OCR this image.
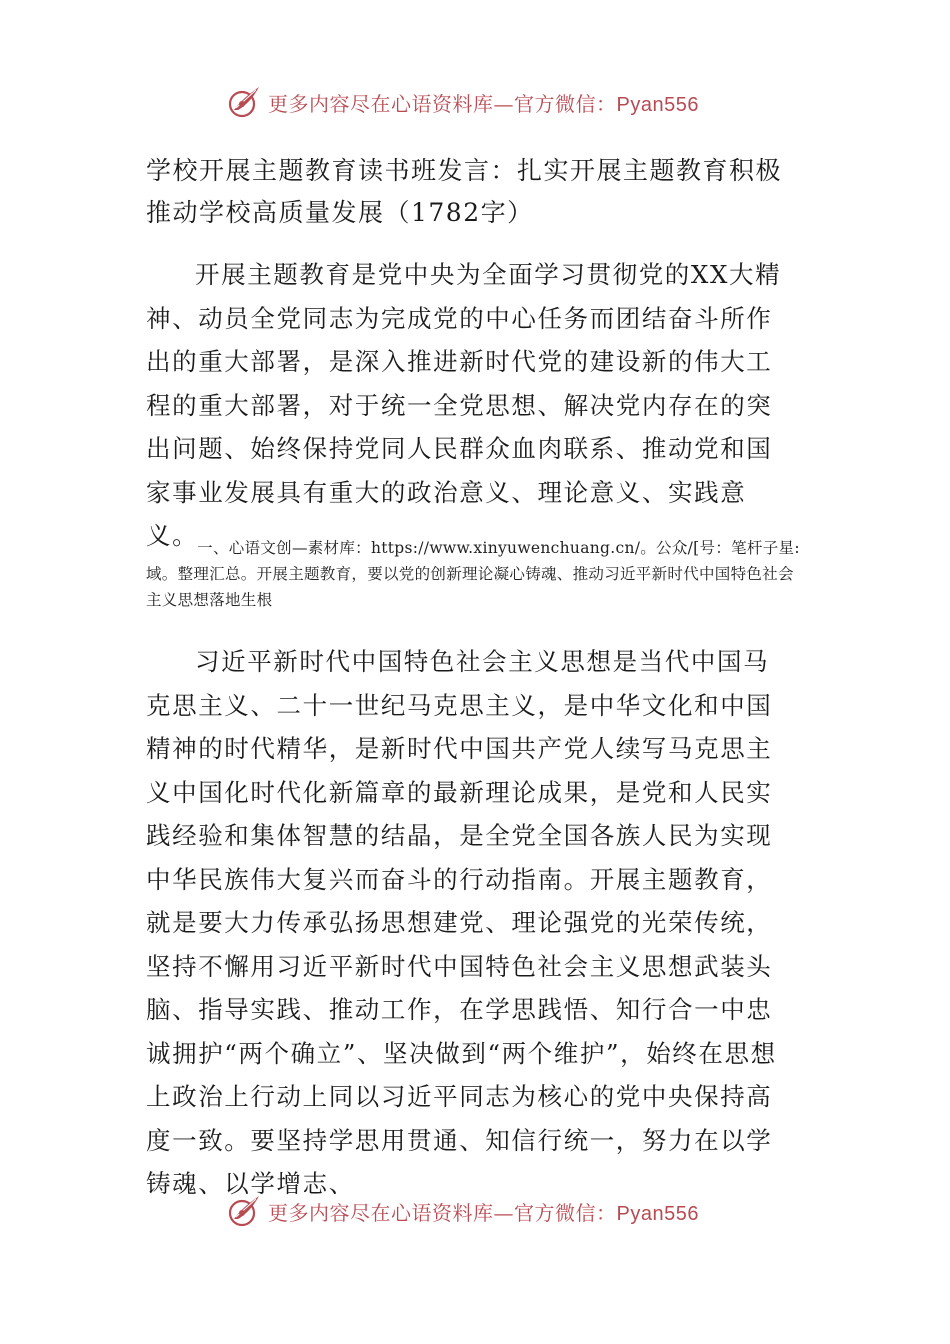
更多内容尽在心语资料库—官方微信：Pyan556
学校开展主题教育读书班发言：扎实开展主题教育积极推动学校高质量发展（1782字）

开展主题教育是党中央为全面学习贯彻党的XX大精神、动员全党同志为完成党的中心任务而团结奋斗所作出的重大部署，是深入推进新时代党的建设新的伟大工程的重大部署，对于统一全党思想、解决党内存在的突出问题、始终保持党同人民群众血肉联系、推动党和国家事业发展具有重大的政治意义、理论意义、实践意义。

一、心语文创—素材库：https://www.xinyuwenchuang.cn/。公众/[号：笔杆子星:域。整理汇总。开展主题教育，要以党的创新理论凝心铸魂、推动习近平新时代中国特色社会主义思想落地生根

习近平新时代中国特色社会主义思想是当代中国马克思主义、二十一世纪马克思主义，是中华文化和中国精神的时代精华，是新时代中国共产党人续写马克思主义中国化时代化新篇章的最新理论成果，是党和人民实践经验和集体智慧的结晶，是全党全国各族人民为实现中华民族伟大复兴而奋斗的行动指南。开展主题教育，就是要大力传承弘扬思想建党、理论强党的光荣传统，坚持不懈用习近平新时代中国特色社会主义思想武装头脑、指导实践、推动工作，在学思践悟、知行合一中忠诚拥护“两个确立”、坚决做到“两个维护”，始终在思想上政治上行动上同以习近平同志为核心的党中央保持高度一致。要坚持学思用贯通、知信行统一，努力在以学铸魂、以学增志、

更多内容尽在心语资料库—官方微信：Pyan556
